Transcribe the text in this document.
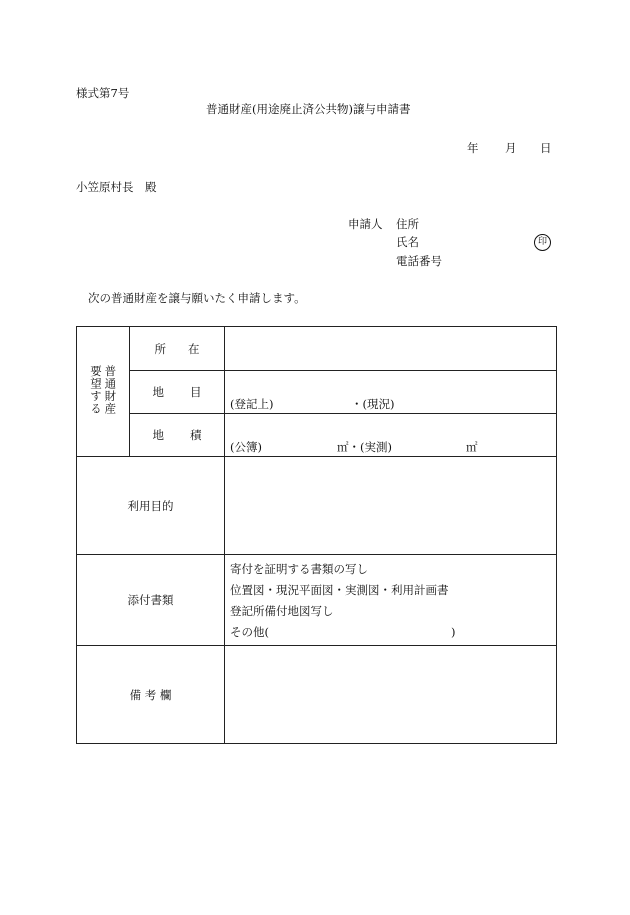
様式第7号
普通財産(用途廃止済公共物)譲与申請書
年 月 日
小笠原村長　殿
申請人 住所
氏名	印
電話番号
次の普通財産を譲与願いたく申請します。
要望する普通財産	所 在	
	地 目	(登記上) ・(現況)

	地 積	(公簿) ㎡・(実測) ㎡

利用目的		
添付書類		寄付を証明する書類の写し
位置図・現況平面図・実測図・利用計画書
登記所備付地図写し
その他( )

備 考 欄		
